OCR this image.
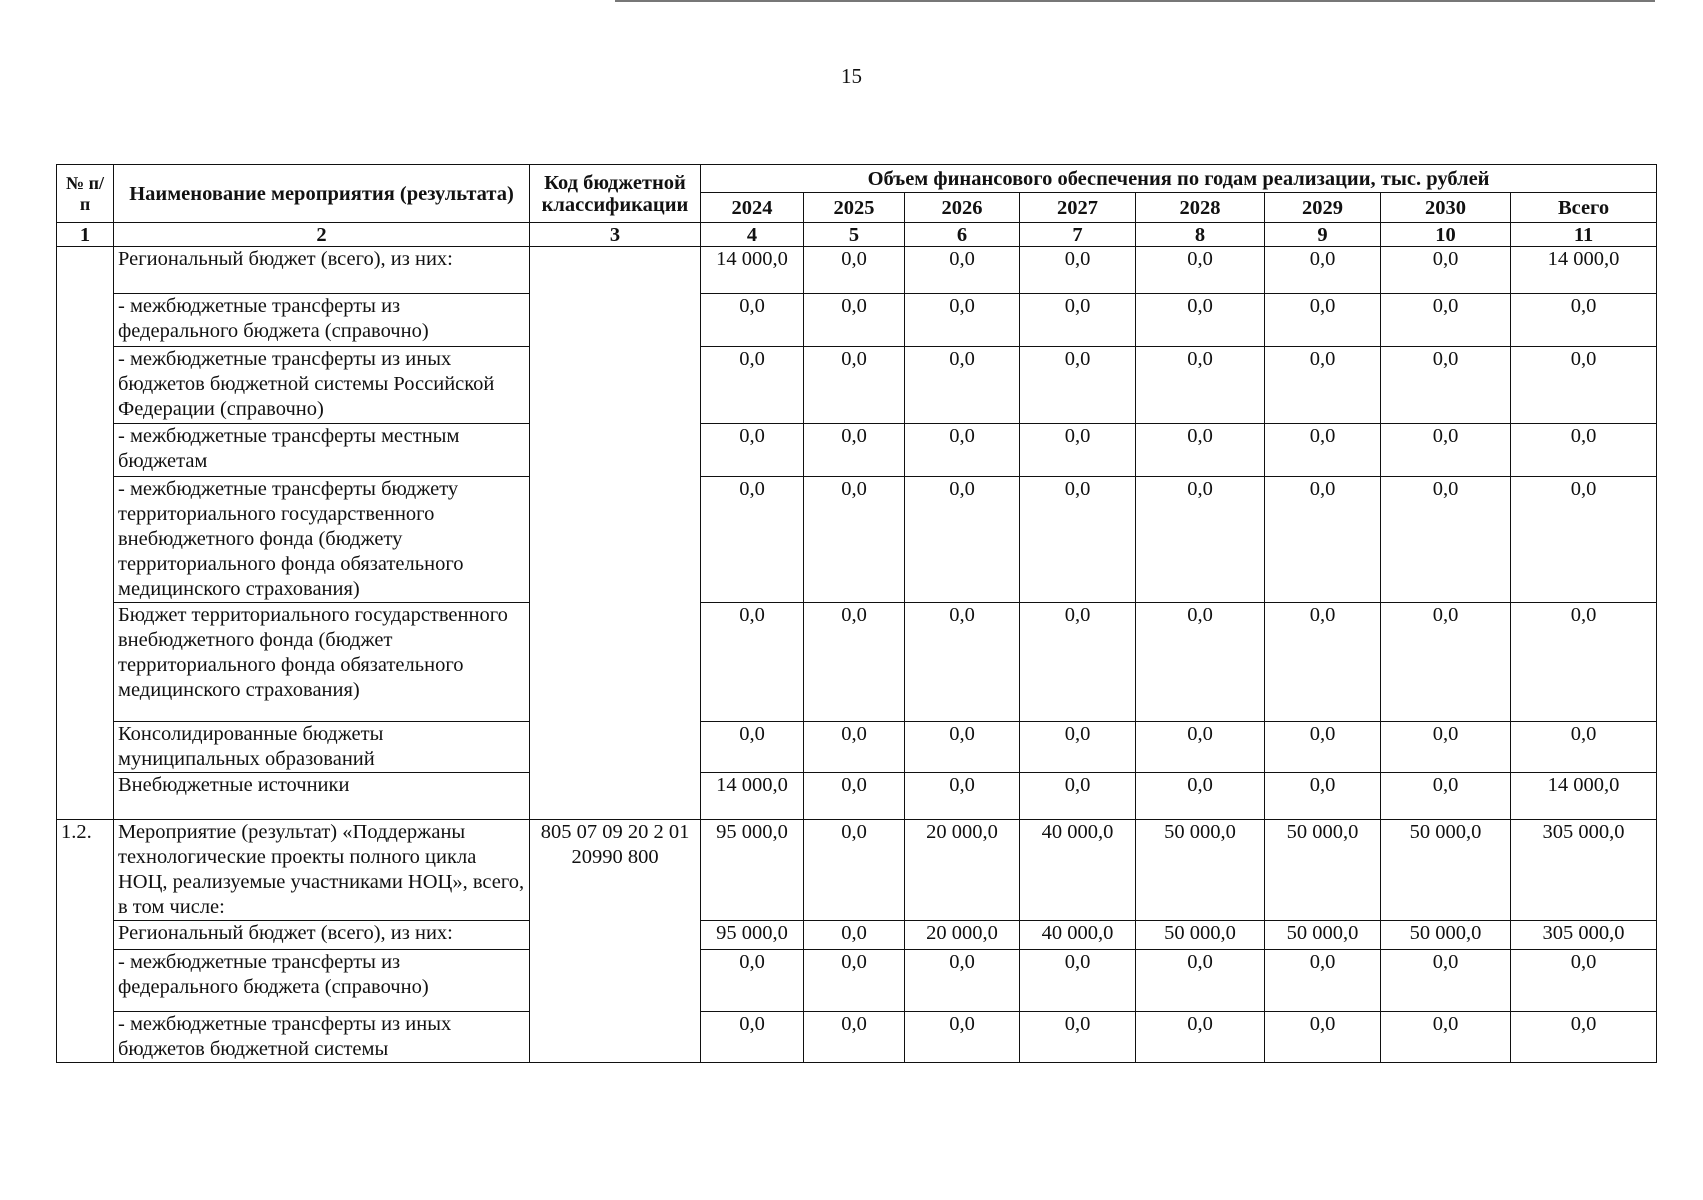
15
№ п/п	Наименование мероприятия (результата)	Код бюджетной классификации	Объем финансового обеспечения по годам реализации, тыс. рублей							
			2024	2025	2026	2027	2028	2029	2030	Всего
1	2	3	4	5	6	7	8	9	10	11
	Региональный бюджет (всего), из них:		14 000,0	0,0	0,0	0,0	0,0	0,0	0,0	14 000,0
	- межбюджетные трансферты из федерального бюджета (справочно)		0,0	0,0	0,0	0,0	0,0	0,0	0,0	0,0
	- межбюджетные трансферты из иных бюджетов бюджетной системы Российской Федерации (справочно)		0,0	0,0	0,0	0,0	0,0	0,0	0,0	0,0
	- межбюджетные трансферты местным бюджетам		0,0	0,0	0,0	0,0	0,0	0,0	0,0	0,0
	- межбюджетные трансферты бюджету территориального государственного внебюджетного фонда (бюджету территориального фонда обязательного медицинского страхования)		0,0	0,0	0,0	0,0	0,0	0,0	0,0	0,0
	Бюджет территориального государственного внебюджетного фонда (бюджет территориального фонда обязательного медицинского страхования)		0,0	0,0	0,0	0,0	0,0	0,0	0,0	0,0
	Консолидированные бюджеты муниципальных образований		0,0	0,0	0,0	0,0	0,0	0,0	0,0	0,0
	Внебюджетные источники		14 000,0	0,0	0,0	0,0	0,0	0,0	0,0	14 000,0
1.2.	Мероприятие (результат) «Поддержаны технологические проекты полного цикла НОЦ, реализуемые участниками НОЦ», всего, в том числе:	805 07 09 20 2 01 20990 800	95 000,0	0,0	20 000,0	40 000,0	50 000,0	50 000,0	50 000,0	305 000,0
	Региональный бюджет (всего), из них:		95 000,0	0,0	20 000,0	40 000,0	50 000,0	50 000,0	50 000,0	305 000,0
	- межбюджетные трансферты из федерального бюджета (справочно)		0,0	0,0	0,0	0,0	0,0	0,0	0,0	0,0
	- межбюджетные трансферты из иных бюджетов бюджетной системы		0,0	0,0	0,0	0,0	0,0	0,0	0,0	0,0
